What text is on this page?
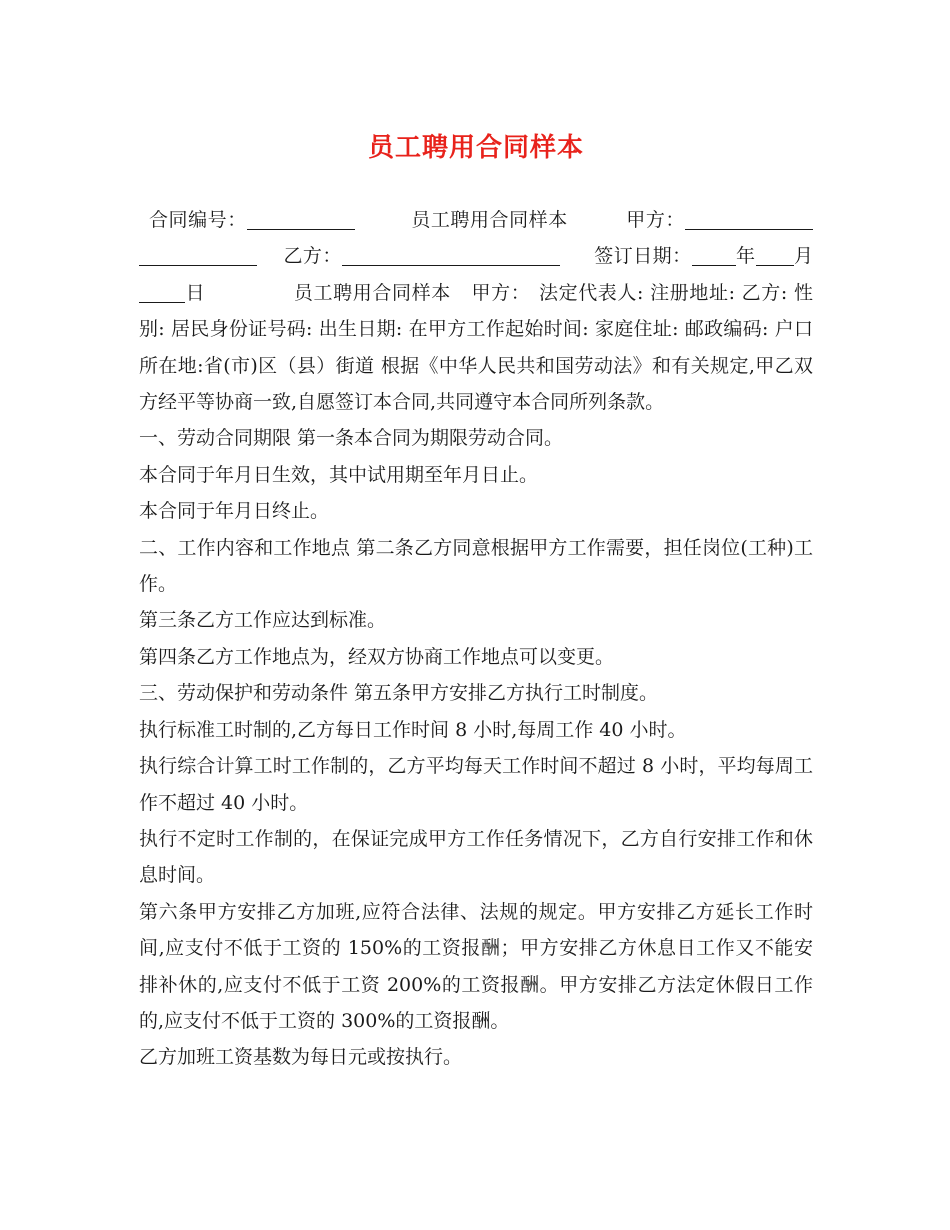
员工聘用合同样本

合同编号：	员工聘用合同样本	甲方：乙方：	签订日期： 年 月日	员工聘用合同样本 甲方： 法定代表人: 注册地址: 乙方: 性别: 居民身份证号码: 出生日期: 在甲方工作起始时间: 家庭住址: 邮政编码: 户口所在地:省(市)区（县）街道 根据《中华人民共和国劳动法》和有关规定,甲乙双方经平等协商一致,自愿签订本合同,共同遵守本合同所列条款。

一、劳动合同期限 第一条本合同为期限劳动合同。

本合同于年月日生效，其中试用期至年月日止。

本合同于年月日终止。

二、工作内容和工作地点 第二条乙方同意根据甲方工作需要，担任岗位(工种)工作。

第三条乙方工作应达到标准。

第四条乙方工作地点为，经双方协商工作地点可以变更。

三、劳动保护和劳动条件 第五条甲方安排乙方执行工时制度。

执行标准工时制的,乙方每日工作时间 8 小时,每周工作 40 小时。

执行综合计算工时工作制的，乙方平均每天工作时间不超过 8 小时，平均每周工作不超过 40 小时。

执行不定时工作制的，在保证完成甲方工作任务情况下，乙方自行安排工作和休息时间。

第六条甲方安排乙方加班,应符合法律、法规的规定。甲方安排乙方延长工作时间,应支付不低于工资的 150%的工资报酬；甲方安排乙方休息日工作又不能安排补休的,应支付不低于工资 200%的工资报酬。甲方安排乙方法定休假日工作的,应支付不低于工资的 300%的工资报酬。

乙方加班工资基数为每日元或按执行。
